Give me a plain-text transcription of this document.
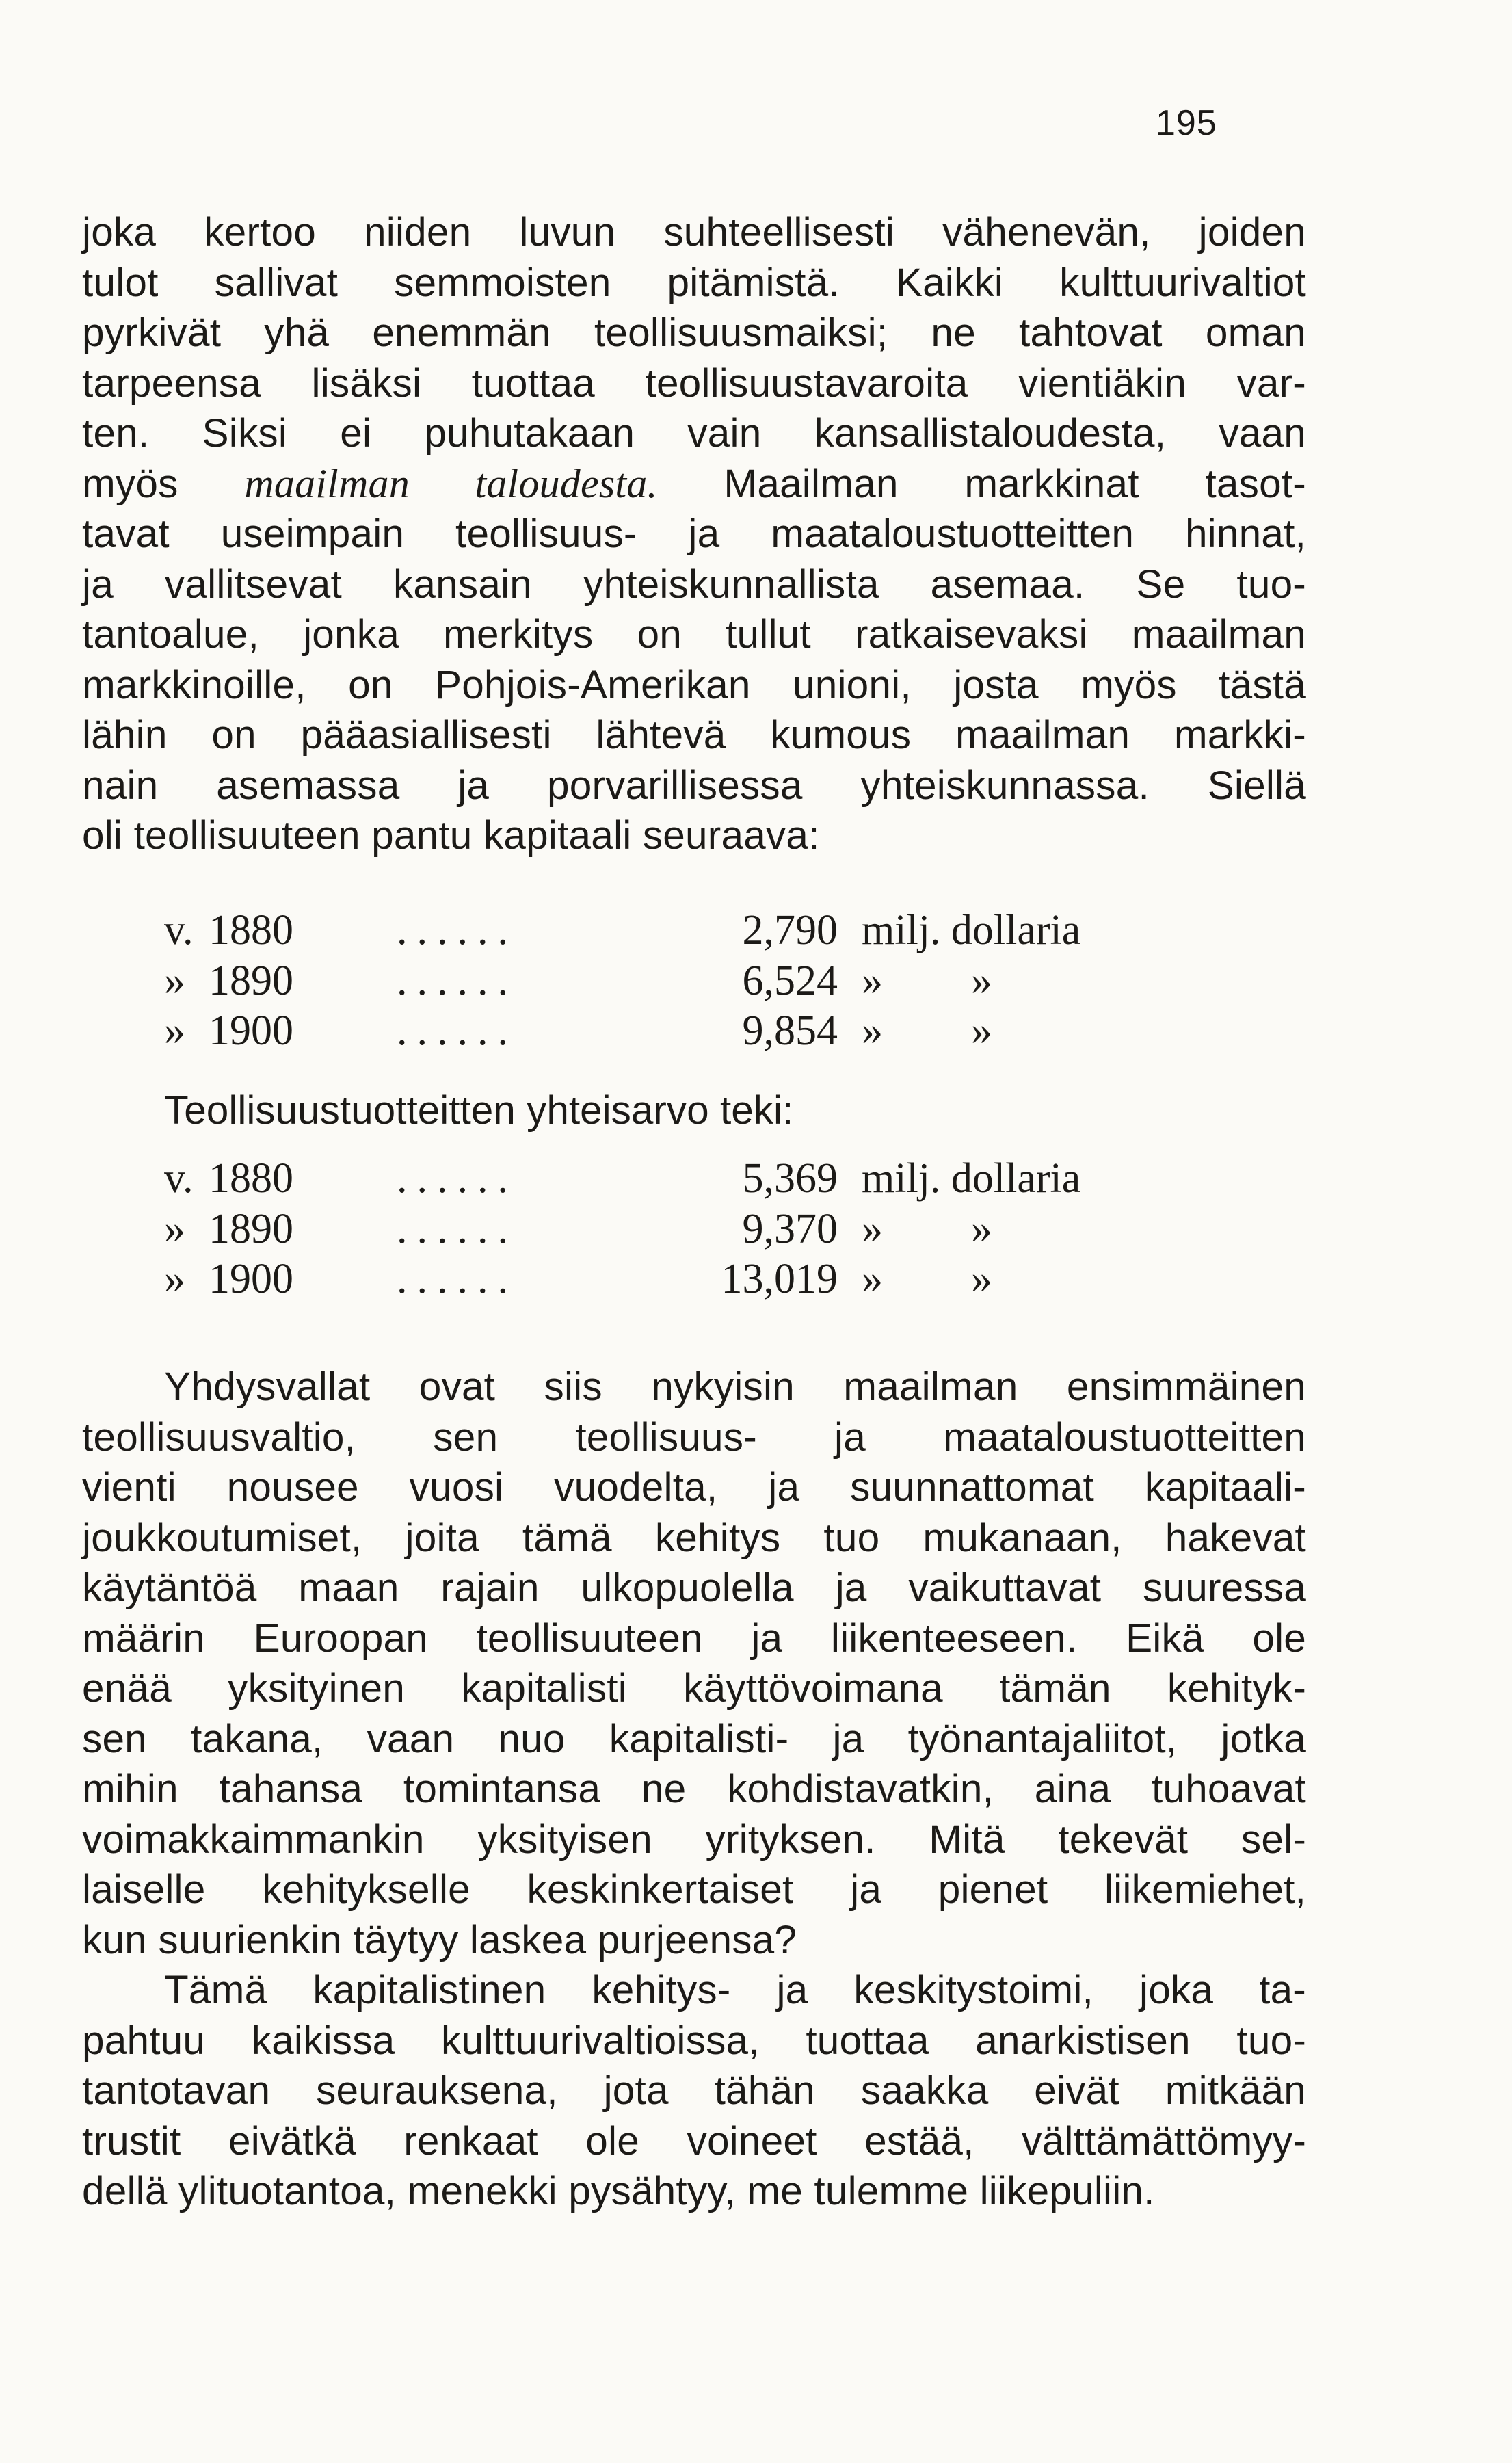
195
joka kertoo niiden luvun suhteellisesti vähenevän, joiden
tulot sallivat semmoisten pitämistä. Kaikki kulttuurivaltiot
pyrkivät yhä enemmän teollisuusmaiksi; ne tahtovat oman
tarpeensa lisäksi tuottaa teollisuustavaroita vientiäkin var-
ten. Siksi ei puhutakaan vain kansallistaloudesta, vaan
myös maailman taloudesta. Maailman markkinat tasot-
tavat useimpain teollisuus- ja maataloustuotteitten hinnat,
ja vallitsevat kansain yhteiskunnallista asemaa. Se tuo-
tantoalue, jonka merkitys on tullut ratkaisevaksi maailman
markkinoille, on Pohjois-Amerikan unioni, josta myös tästä
lähin on pääasiallisesti lähtevä kumous maailman markki-
nain asemassa ja porvarillisessa yhteiskunnassa. Siellä
oli teollisuuteen pantu kapitaali seuraava:
v. 1880 ......	2,790 milj. dollaria
» 1890 ......	6,524 » »
» 1900 ......	9,854 » »
Teollisuustuotteitten yhteisarvo teki:
v. 1880 ......	5,369 milj. dollaria
» 1890 ......	9,370 » »
» 1900 ......	13,019 » »
Yhdysvallat ovat siis nykyisin maailman ensimmäinen
teollisuusvaltio, sen teollisuus- ja maataloustuotteitten
vienti nousee vuosi vuodelta, ja suunnattomat kapitaali-
joukkoutumiset, joita tämä kehitys tuo mukanaan, hakevat
käytäntöä maan rajain ulkopuolella ja vaikuttavat suuressa
määrin Euroopan teollisuuteen ja liikenteeseen. Eikä ole
enää yksityinen kapitalisti käyttövoimana tämän kehityk-
sen takana, vaan nuo kapitalisti- ja työnantajaliitot, jotka
mihin tahansa tomintansa ne kohdistavatkin, aina tuhoavat
voimakkaimmankin yksityisen yrityksen. Mitä tekevät sel-
laiselle kehitykselle keskinkertaiset ja pienet liikemiehet,
kun suurienkin täytyy laskea purjeensa?
Tämä kapitalistinen kehitys- ja keskitystoimi, joka ta-
pahtuu kaikissa kulttuurivaltioissa, tuottaa anarkistisen tuo-
tantotavan seurauksena, jota tähän saakka eivät mitkään
trustit eivätkä renkaat ole voineet estää, välttämättömyy-
dellä ylituotantoa, menekki pysähtyy, me tulemme liikepuliin.
